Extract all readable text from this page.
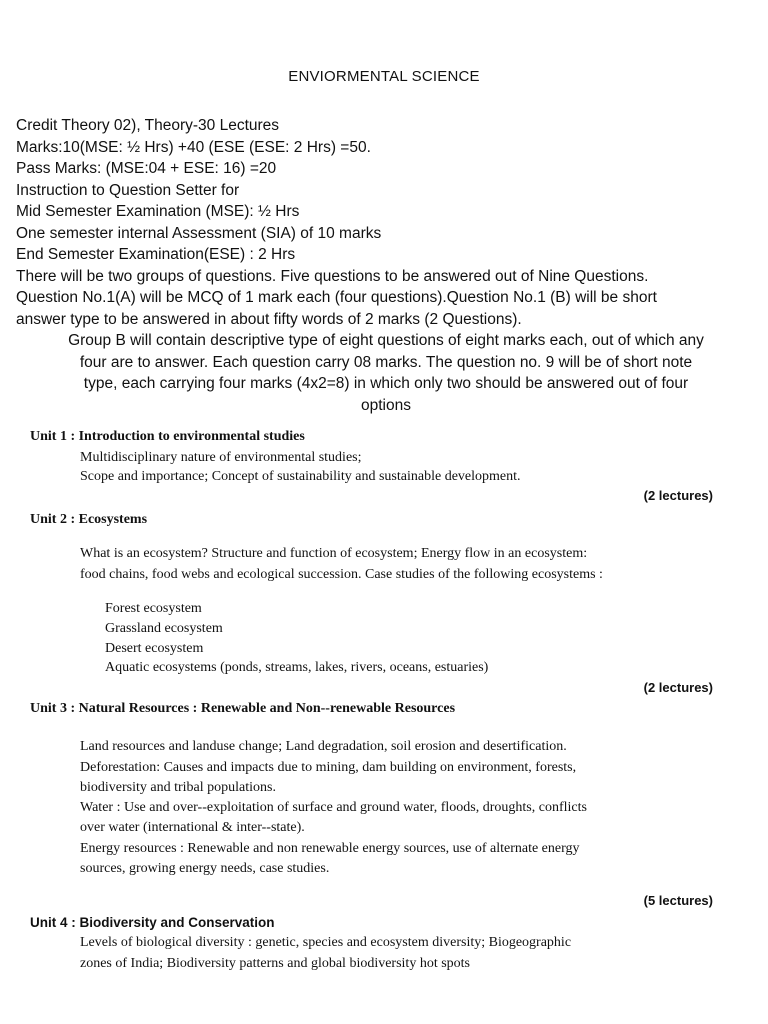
ENVIORMENTAL SCIENCE
Credit Theory 02), Theory-30 Lectures
Marks:10(MSE: ½ Hrs) +40 (ESE (ESE: 2 Hrs) =50.
Pass Marks: (MSE:04 + ESE: 16) =20
Instruction to Question Setter for
Mid Semester Examination (MSE): ½ Hrs
One semester internal Assessment (SIA) of 10 marks
End Semester Examination(ESE) : 2 Hrs
There will be two groups of questions. Five questions to be answered out of Nine Questions.
Question No.1(A) will be MCQ of 1 mark each (four questions).Question No.1 (B) will be short
answer type to be answered in about fifty words of 2 marks (2 Questions).
Group B will contain descriptive type of eight questions of eight marks each, out of which any
four are to answer. Each question carry 08 marks. The question no. 9 will be of short note
type, each carrying four marks (4x2=8) in which only two should be answered out of four
options
Unit 1 : Introduction to environmental studies
Multidisciplinary nature of environmental studies;
Scope and importance; Concept of sustainability and sustainable development.
(2 lectures)
Unit 2 : Ecosystems
What is an ecosystem? Structure and function of ecosystem; Energy flow in an ecosystem:
food chains, food webs and ecological succession. Case studies of the following ecosystems :
Forest ecosystem
Grassland ecosystem
Desert ecosystem
Aquatic ecosystems (ponds, streams, lakes, rivers, oceans, estuaries)
(2 lectures)
Unit 3 : Natural Resources : Renewable and Non--renewable Resources
Land resources and landuse change; Land degradation, soil erosion and desertification.
Deforestation: Causes and impacts due to mining, dam building on environment, forests,
biodiversity and tribal populations.
Water : Use and over--exploitation of surface and ground water, floods, droughts, conflicts
over water (international & inter--state).
Energy resources : Renewable and non renewable energy sources, use of alternate energy
sources, growing energy needs, case studies.
(5 lectures)
Unit 4 : Biodiversity and Conservation
Levels of biological diversity : genetic, species and ecosystem diversity; Biogeographic
zones of India; Biodiversity patterns and global biodiversity hot spots
